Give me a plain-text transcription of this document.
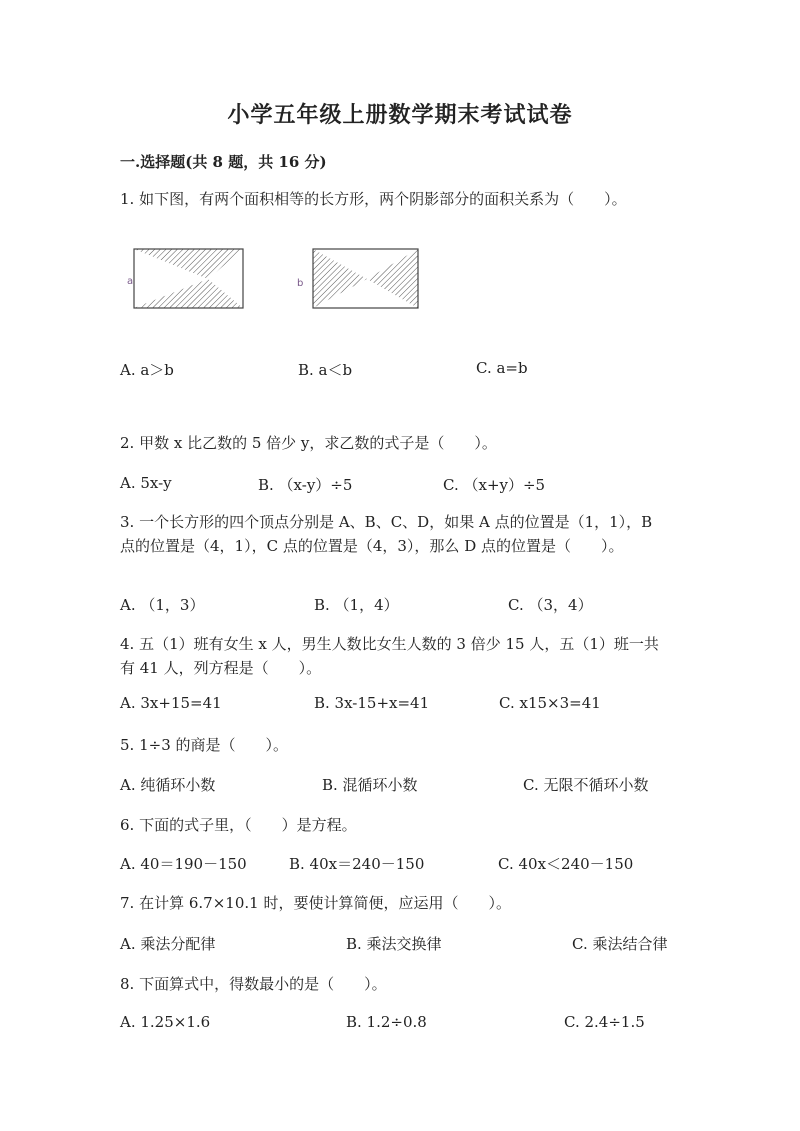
小学五年级上册数学期末考试试卷
一.选择题(共 8 题，共 16 分)
1. 如下图，有两个面积相等的长方形，两个阴影部分的面积关系为（　　）。
a	b
A. a＞b	B. a＜b	C. a=b
2. 甲数 x 比乙数的 5 倍少 y，求乙数的式子是（　　）。
A. 5x-y	B. （x-y）÷5	C. （x+y）÷5
3. 一个长方形的四个顶点分别是 A、B、C、D，如果 A 点的位置是（1，1），B
点的位置是（4，1），C 点的位置是（4，3），那么 D 点的位置是（　　）。
A. （1，3）	B. （1，4）	C. （3，4）
4. 五（1）班有女生 x 人，男生人数比女生人数的 3 倍少 15 人，五（1）班一共
有 41 人，列方程是（　　）。
A. 3x+15=41	B. 3x-15+x=41	C. x15×3=41
5. 1÷3 的商是（　　）。
A. 纯循环小数	B. 混循环小数	C. 无限不循环小数
6. 下面的式子里，（　　）是方程。
A. 40＝190－150	B. 40x＝240－150	C. 40x＜240－150
7. 在计算 6.7×10.1 时，要使计算简便，应运用（　　）。
A. 乘法分配律	B. 乘法交换律	C. 乘法结合律
8. 下面算式中，得数最小的是（　　）。
A. 1.25×1.6	B. 1.2÷0.8	C. 2.4÷1.5
